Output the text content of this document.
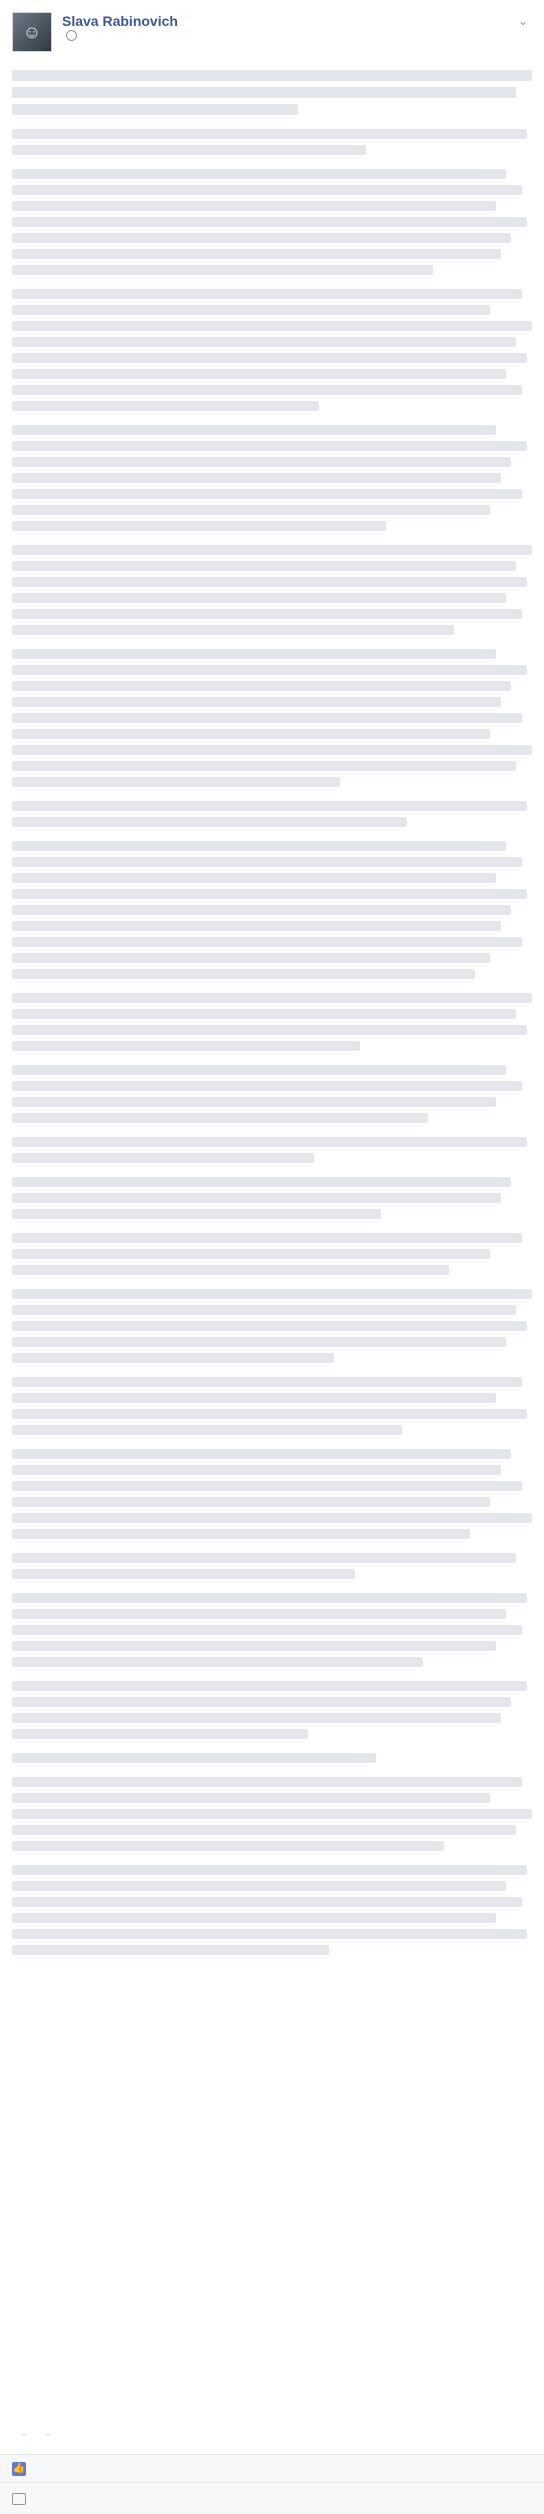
☺
Slava Rabinovich	⌄
· ·
👍
